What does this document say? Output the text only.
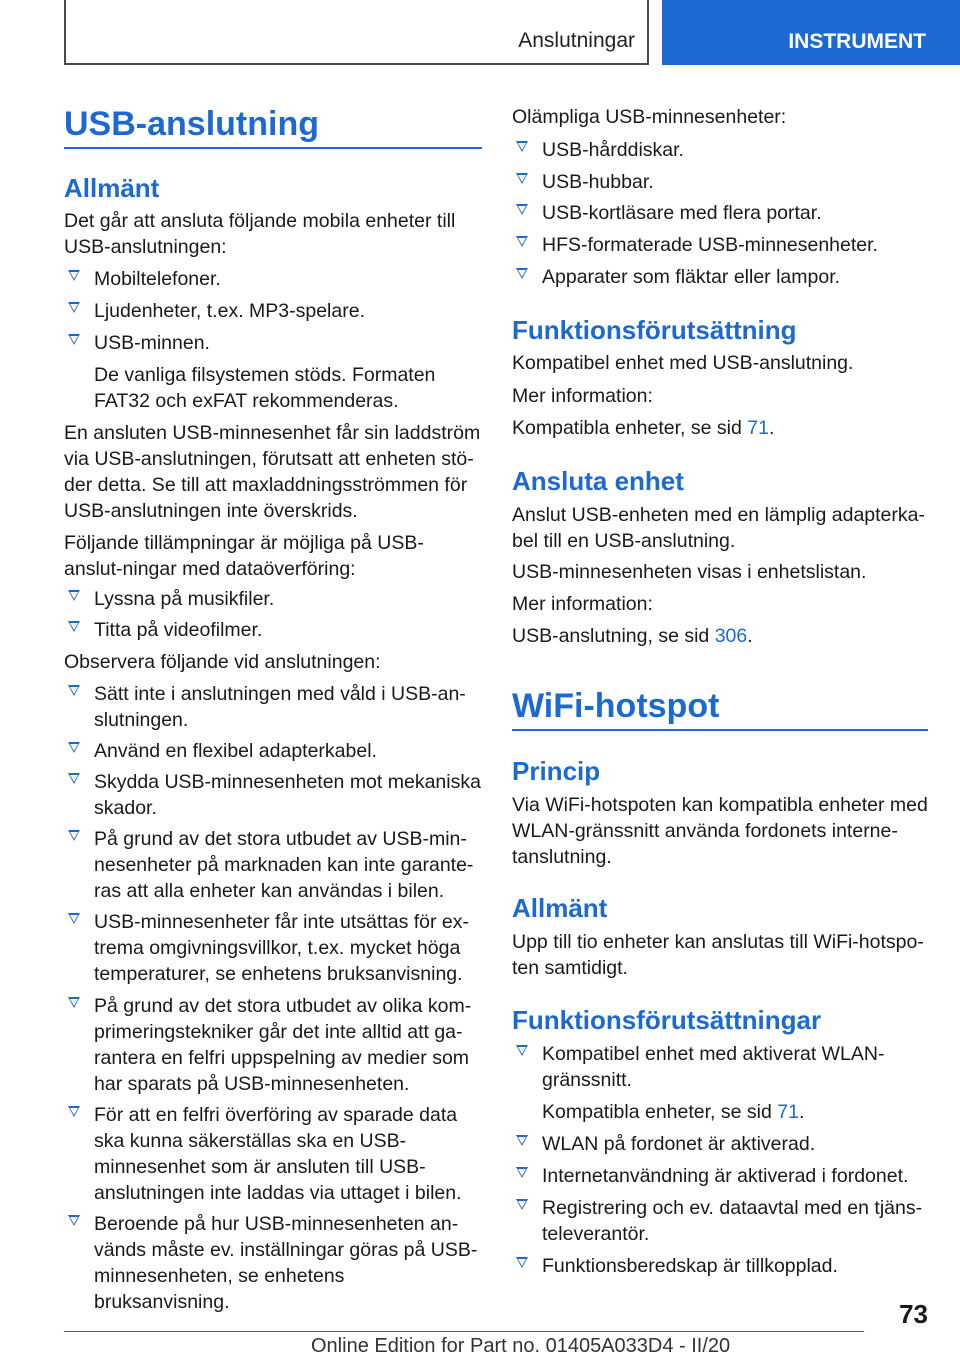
Anslutningar	INSTRUMENT
USB-anslutning
Allmänt
Det går att ansluta följande mobila enheter till USB-anslutningen:
Mobiltelefoner.
Ljudenheter, t.ex. MP3-spelare.
USB-minnen.
De vanliga filsystemen stöds. Formaten FAT32 och exFAT rekommenderas.
En ansluten USB-minnesenhet får sin laddström via USB-anslutningen, förutsatt att enheten stö-der detta. Se till att maxladdningsströmmen för USB-anslutningen inte överskrids.
Följande tillämpningar är möjliga på USB-anslut-ningar med dataöverföring:
Lyssna på musikfiler.
Titta på videofilmer.
Observera följande vid anslutningen:
Sätt inte i anslutningen med våld i USB-an-slutningen.
Använd en flexibel adapterkabel.
Skydda USB-minnesenheten mot mekaniska skador.
På grund av det stora utbudet av USB-min-nesenheter på marknaden kan inte garante-ras att alla enheter kan användas i bilen.
USB-minnesenheter får inte utsättas för ex-trema omgivningsvillkor, t.ex. mycket höga temperaturer, se enhetens bruksanvisning.
På grund av det stora utbudet av olika kom-primeringstekniker går det inte alltid att ga-rantera en felfri uppspelning av medier som har sparats på USB-minnesenheten.
För att en felfri överföring av sparade data ska kunna säkerställas ska en USB-minnesenhet som är ansluten till USB-anslutningen inte laddas via uttaget i bilen.
Beroende på hur USB-minnesenheten an-vänds måste ev. inställningar göras på USB-minnesenheten, se enhetens bruksanvisning.
Olämpliga USB-minnesenheter:
USB-hårddiskar.
USB-hubbar.
USB-kortläsare med flera portar.
HFS-formaterade USB-minnesenheter.
Apparater som fläktar eller lampor.
Funktionsförutsättning
Kompatibel enhet med USB-anslutning.
Mer information:
Kompatibla enheter, se sid 71.
Ansluta enhet
Anslut USB-enheten med en lämplig adapterka-bel till en USB-anslutning.
USB-minnesenheten visas i enhetslistan.
Mer information:
USB-anslutning, se sid 306.
WiFi-hotspot
Princip
Via WiFi-hotspoten kan kompatibla enheter med WLAN-gränssnitt använda fordonets interne-tanslutning.
Allmänt
Upp till tio enheter kan anslutas till WiFi-hotspo-ten samtidigt.
Funktionsförutsättningar
Kompatibel enhet med aktiverat WLAN-gränssnitt.
Kompatibla enheter, se sid 71.
WLAN på fordonet är aktiverad.
Internetanvändning är aktiverad i fordonet.
Registrering och ev. dataavtal med en tjäns-televerantör.
Funktionsberedskap är tillkopplad.
73
Online Edition for Part no. 01405A033D4 - II/20
